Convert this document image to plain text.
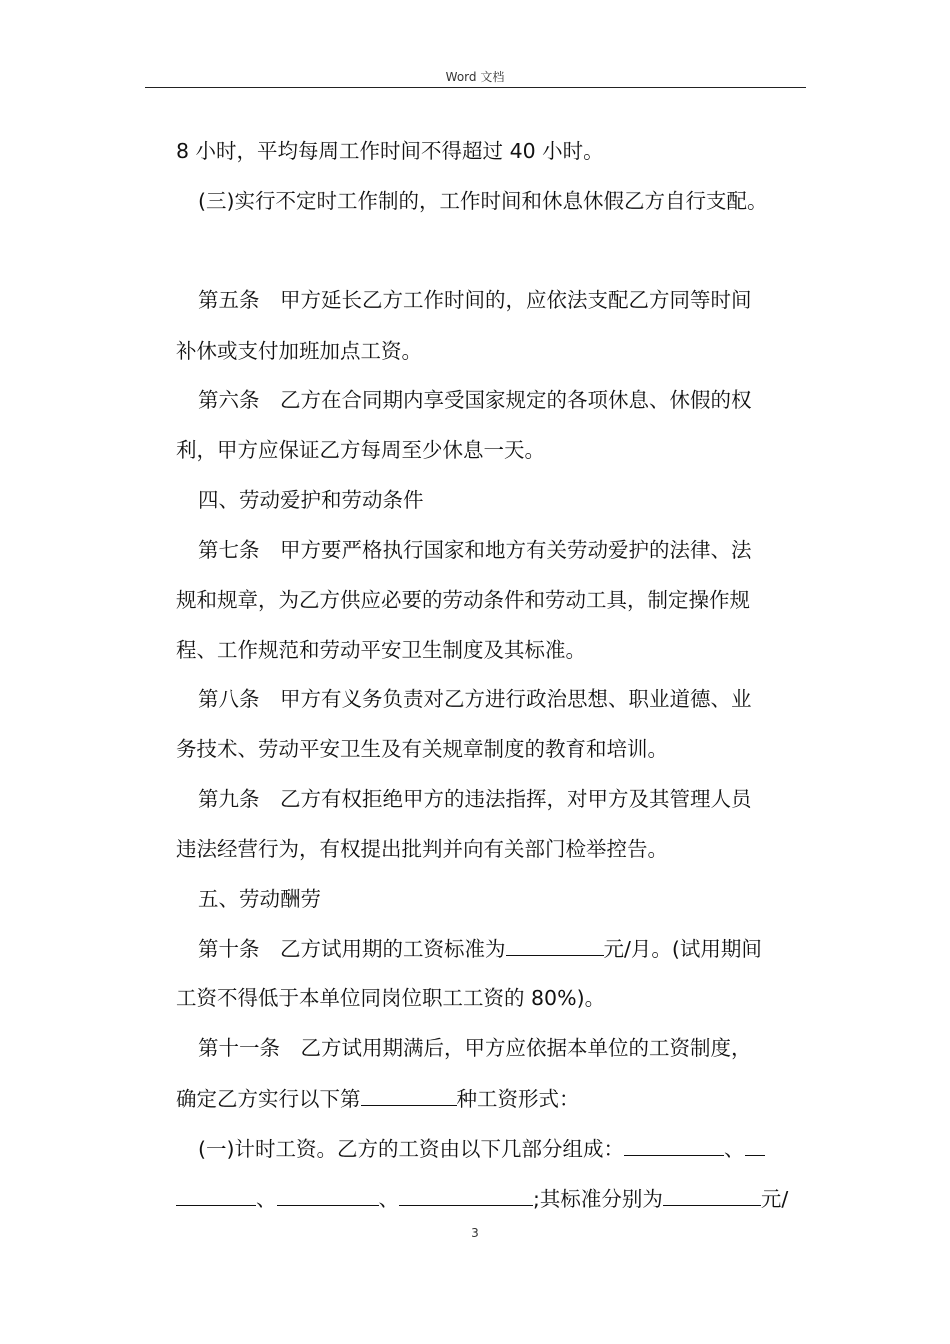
Word 文档
8 小时，平均每周工作时间不得超过 40 小时。
(三)实行不定时工作制的，工作时间和休息休假乙方自行支配。
第五条　甲方延长乙方工作时间的，应依法支配乙方同等时间
补休或支付加班加点工资。
第六条　乙方在合同期内享受国家规定的各项休息、休假的权
利，甲方应保证乙方每周至少休息一天。
四、劳动爱护和劳动条件
第七条　甲方要严格执行国家和地方有关劳动爱护的法律、法
规和规章，为乙方供应必要的劳动条件和劳动工具，制定操作规
程、工作规范和劳动平安卫生制度及其标准。
第八条　甲方有义务负责对乙方进行政治思想、职业道德、业
务技术、劳动平安卫生及有关规章制度的教育和培训。
第九条　乙方有权拒绝甲方的违法指挥，对甲方及其管理人员
违法经营行为，有权提出批判并向有关部门检举控告。
五、劳动酬劳
第十条　乙方试用期的工资标准为	元/月。(试用期间
工资不得低于本单位同岗位职工工资的 80%)。
第十一条　乙方试用期满后，甲方应依据本单位的工资制度，
确定乙方实行以下第	种工资形式：
(一)计时工资。乙方的工资由以下几部分组成：	、
、	、	;其标准分别为	元/
3
